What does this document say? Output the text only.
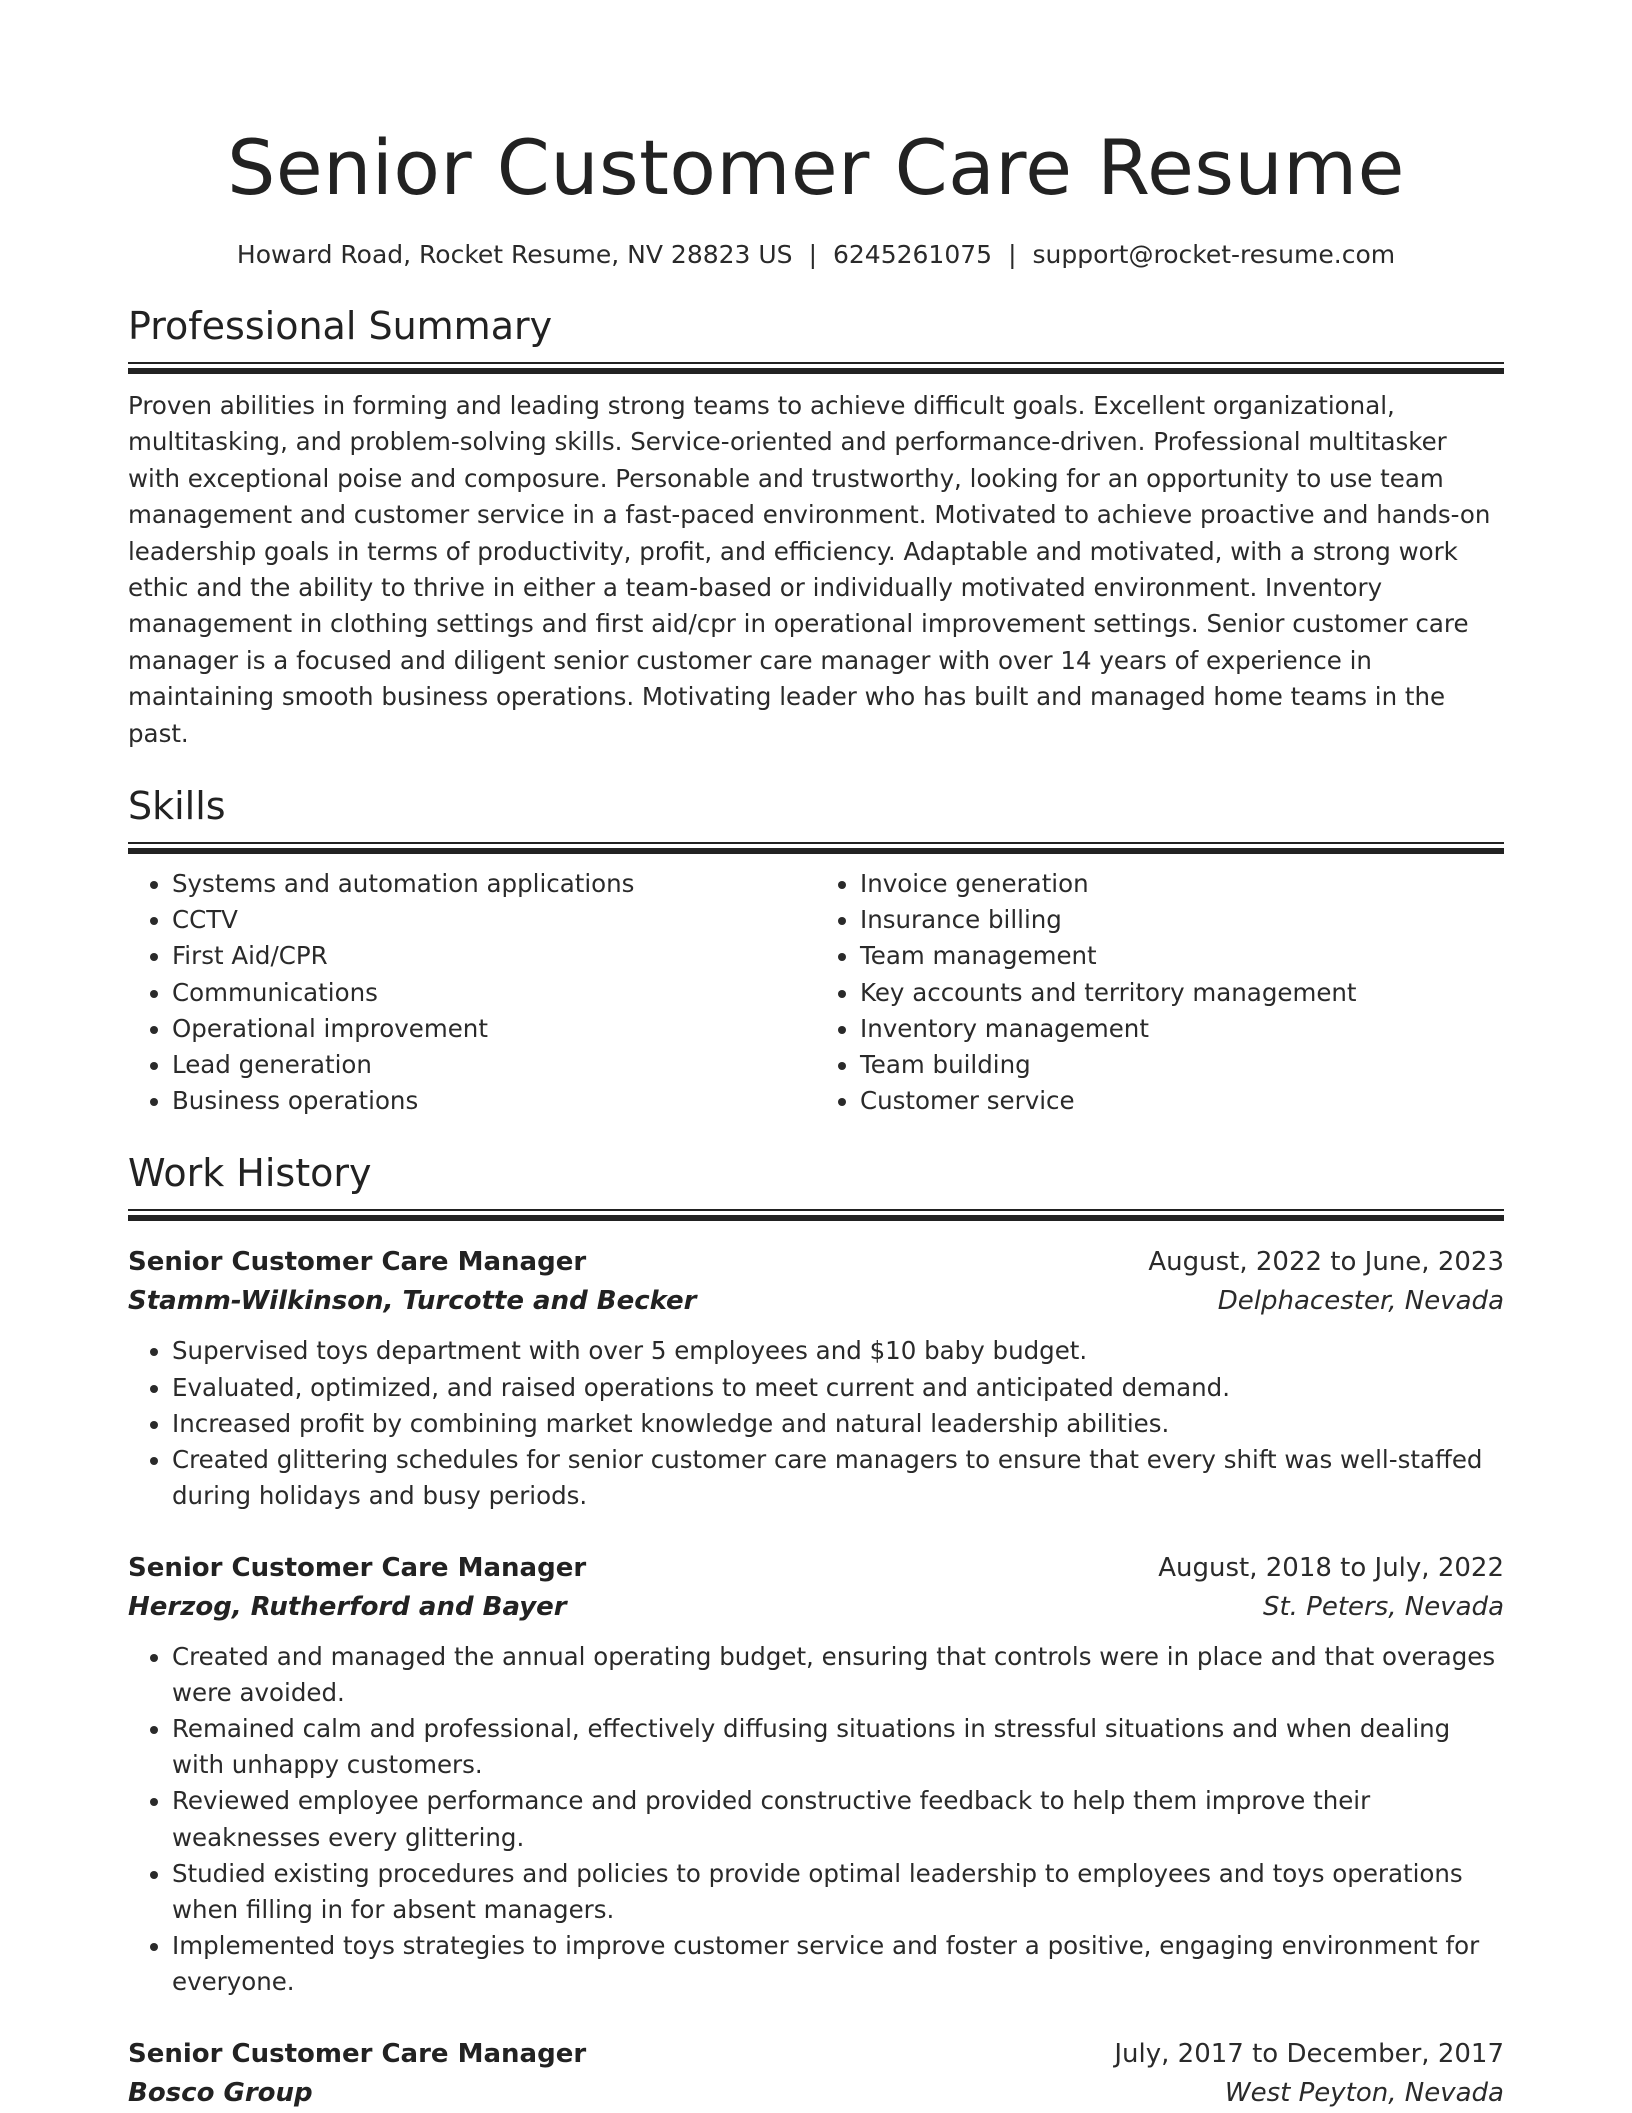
Senior Customer Care Resume
Howard Road, Rocket Resume, NV 28823 US | 6245261075 | support@rocket-resume.com
Professional Summary
Proven abilities in forming and leading strong teams to achieve difficult goals. Excellent organizational, multitasking, and problem-solving skills. Service-oriented and performance-driven. Professional multitasker with exceptional poise and composure. Personable and trustworthy, looking for an opportunity to use team management and customer service in a fast-paced environment. Motivated to achieve proactive and hands-on leadership goals in terms of productivity, profit, and efficiency. Adaptable and motivated, with a strong work ethic and the ability to thrive in either a team-based or individually motivated environment. Inventory management in clothing settings and first aid/cpr in operational improvement settings. Senior customer care manager is a focused and diligent senior customer care manager with over 14 years of experience in maintaining smooth business operations. Motivating leader who has built and managed home teams in the past.
Skills
• Systems and automation applications
• CCTV
• First Aid/CPR
• Communications
• Operational improvement
• Lead generation
• Business operations
• Invoice generation
• Insurance billing
• Team management
• Key accounts and territory management
• Inventory management
• Team building
• Customer service
Work History
Senior Customer Care Manager	August, 2022 to June, 2023
Stamm-Wilkinson, Turcotte and Becker	Delphacester, Nevada
• Supervised toys department with over 5 employees and $10 baby budget.
• Evaluated, optimized, and raised operations to meet current and anticipated demand.
• Increased profit by combining market knowledge and natural leadership abilities.
• Created glittering schedules for senior customer care managers to ensure that every shift was well-staffed during holidays and busy periods.
Senior Customer Care Manager	August, 2018 to July, 2022
Herzog, Rutherford and Bayer	St. Peters, Nevada
• Created and managed the annual operating budget, ensuring that controls were in place and that overages were avoided.
• Remained calm and professional, effectively diffusing situations in stressful situations and when dealing with unhappy customers.
• Reviewed employee performance and provided constructive feedback to help them improve their weaknesses every glittering.
• Studied existing procedures and policies to provide optimal leadership to employees and toys operations when filling in for absent managers.
• Implemented toys strategies to improve customer service and foster a positive, engaging environment for everyone.
Senior Customer Care Manager	July, 2017 to December, 2017
Bosco Group	West Peyton, Nevada
